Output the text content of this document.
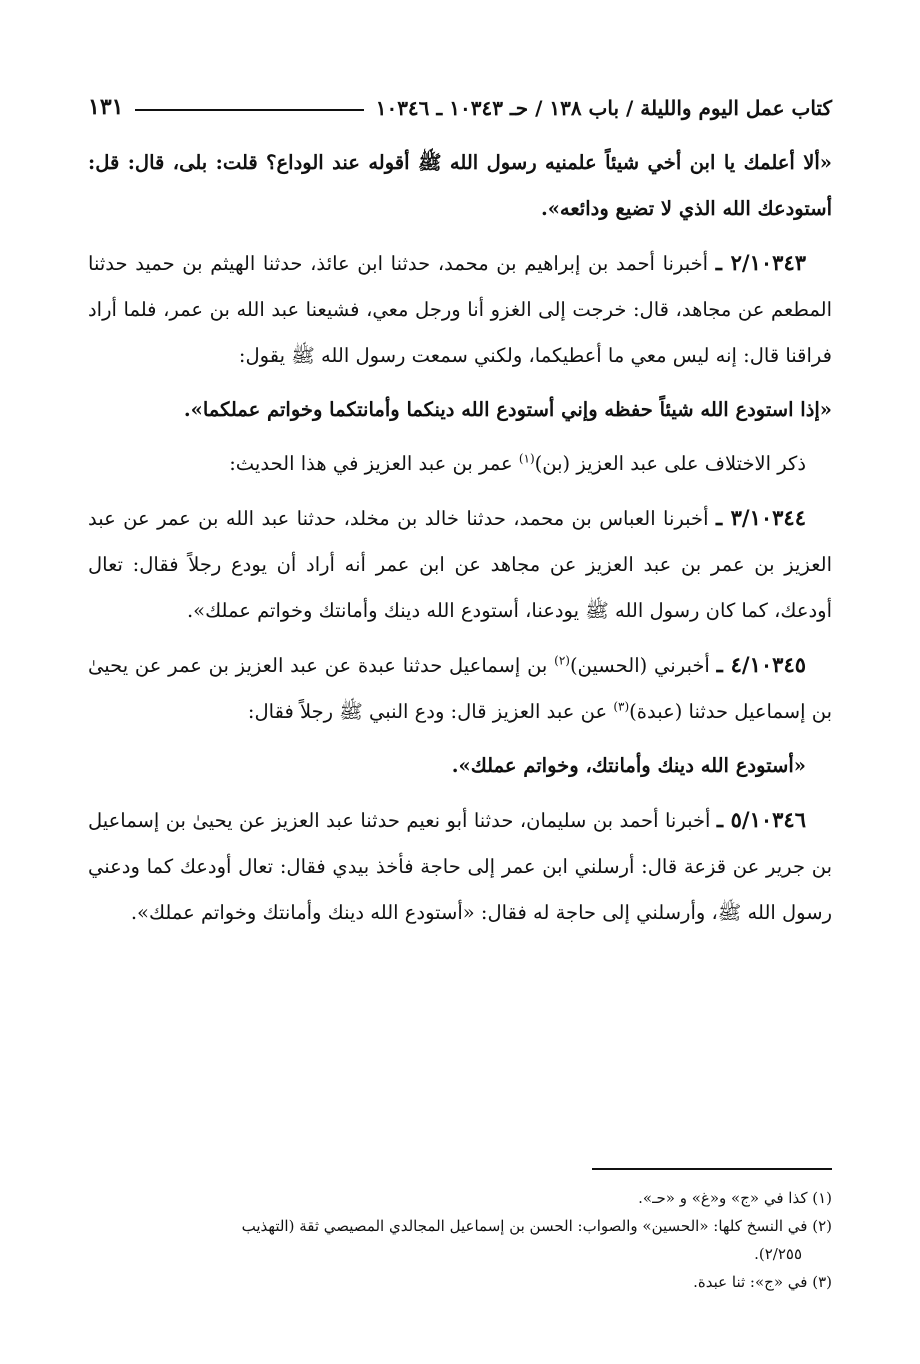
كتاب عمل اليوم والليلة / باب ١٣٨ / حـ ١٠٣٤٣ ـ ١٠٣٤٦
١٣١

«ألا أعلمك يا ابن أخي شيئاً علمنيه رسول الله ﷺ أقوله عند الوداع؟ قلت: بلى، قال: قل: أستودعك الله الذي لا تضيع ودائعه».

٢/١٠٣٤٣ ـ أخبرنا أحمد بن إبراهيم بن محمد، حدثنا ابن عائذ، حدثنا الهيثم بن حميد حدثنا المطعم عن مجاهد، قال: خرجت إلى الغزو أنا ورجل معي، فشيعنا عبد الله بن عمر، فلما أراد فراقنا قال: إنه ليس معي ما أعطيكما، ولكني سمعت رسول الله ﷺ يقول:

«إذا استودع الله شيئاً حفظه وإني أستودع الله دينكما وأمانتكما وخواتم عملكما».

ذكر الاختلاف على عبد العزيز (بن)$^{(١)}$ عمر بن عبد العزيز في هذا الحديث:

٣/١٠٣٤٤ ـ أخبرنا العباس بن محمد، حدثنا خالد بن مخلد، حدثنا عبد الله بن عمر عن عبد العزيز بن عمر بن عبد العزيز عن مجاهد عن ابن عمر أنه أراد أن يودع رجلاً فقال: تعال أودعك، كما كان رسول الله ﷺ يودعنا، أستودع الله دينك وأمانتك وخواتم عملك».

٤/١٠٣٤٥ ـ أخبرني (الحسين)$^{(٢)}$ بن إسماعيل حدثنا عبدة عن عبد العزيز بن عمر عن يحيىٰ بن إسماعيل حدثنا (عبدة)$^{(٣)}$ عن عبد العزيز قال: ودع النبي ﷺ رجلاً فقال:

«أستودع الله دينك وأمانتك، وخواتم عملك».

٥/١٠٣٤٦ ـ أخبرنا أحمد بن سليمان، حدثنا أبو نعيم حدثنا عبد العزيز عن يحيىٰ بن إسماعيل بن جرير عن قزعة قال: أرسلني ابن عمر إلى حاجة فأخذ بيدي فقال: تعال أودعك كما ودعني رسول الله ﷺ، وأرسلني إلى حاجة له فقال: «أستودع الله دينك وأمانتك وخواتم عملك».

(١) كذا في «ج» و«غ» و «حـ».

(٢) في النسخ كلها: «الحسين» والصواب: الحسن بن إسماعيل المجالدي المصيصي ثقة (التهذيب

٢/٢٥٥).

(٣) في «ج»: ثنا عبدة.
